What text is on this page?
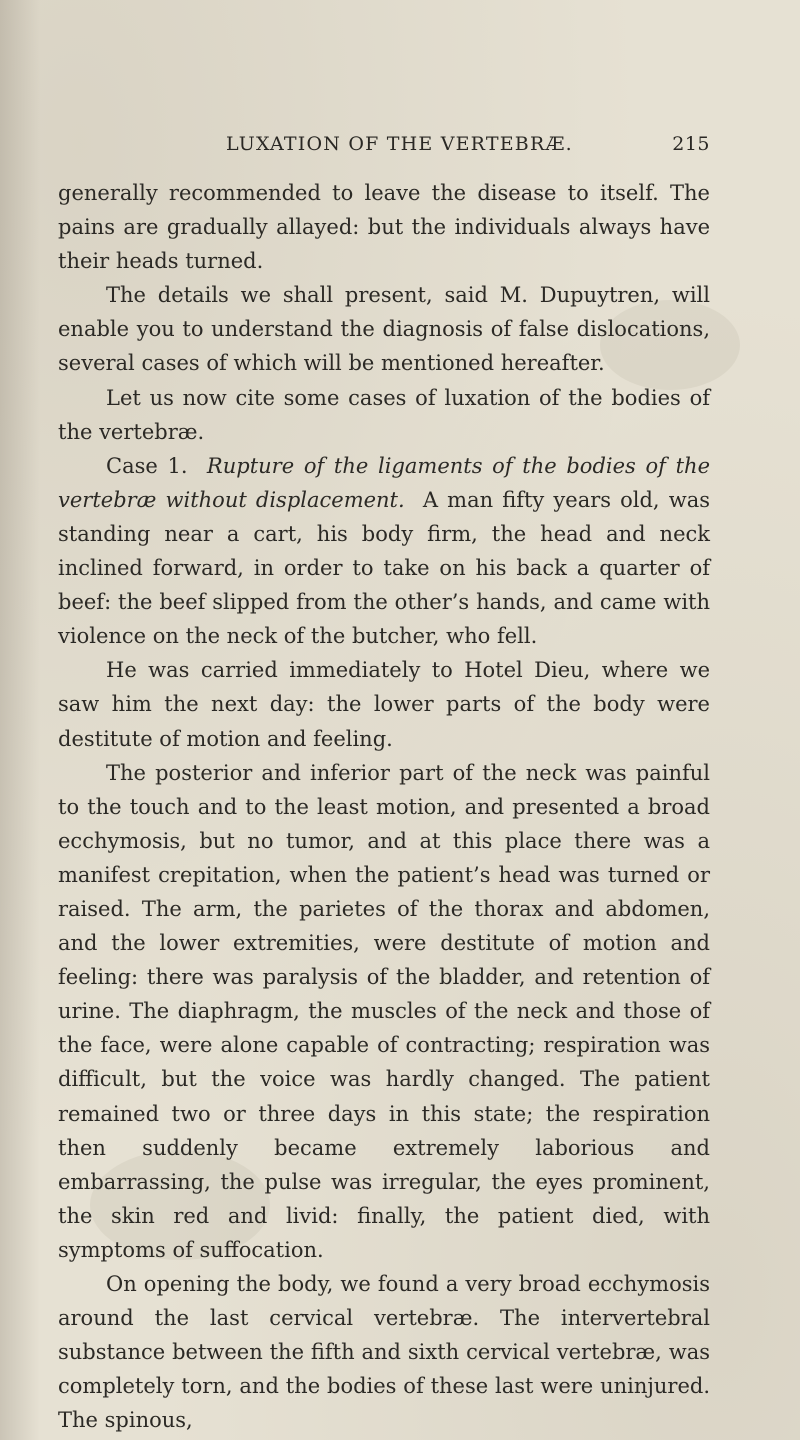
LUXATION OF THE VERTEBRÆ.	215

generally recommended to leave the disease to itself. The pains are gradually allayed: but the individuals always have their heads turned.

The details we shall present, said M. Dupuytren, will enable you to understand the diagnosis of false dislocations, several cases of which will be mentioned hereafter.

Let us now cite some cases of luxation of the bodies of the vertebræ.

Case 1. Rupture of the ligaments of the bodies of the vertebræ without displacement. A man fifty years old, was standing near a cart, his body firm, the head and neck inclined forward, in order to take on his back a quarter of beef: the beef slipped from the other’s hands, and came with violence on the neck of the butcher, who fell.

He was carried immediately to Hotel Dieu, where we saw him the next day: the lower parts of the body were destitute of motion and feeling.

The posterior and inferior part of the neck was painful to the touch and to the least motion, and presented a broad ecchymosis, but no tumor, and at this place there was a manifest crepitation, when the patient’s head was turned or raised. The arm, the parietes of the thorax and abdomen, and the lower extremities, were destitute of motion and feeling: there was paralysis of the bladder, and retention of urine. The diaphragm, the muscles of the neck and those of the face, were alone capable of contracting; respiration was difficult, but the voice was hardly changed. The patient remained two or three days in this state; the respiration then suddenly became extremely laborious and embarrassing, the pulse was irregular, the eyes prominent, the skin red and livid: finally, the patient died, with symptoms of suffocation.

On opening the body, we found a very broad ecchymosis around the last cervical vertebræ. The intervertebral substance between the fifth and sixth cervical vertebræ, was completely torn, and the bodies of these last were uninjured. The spinous,
